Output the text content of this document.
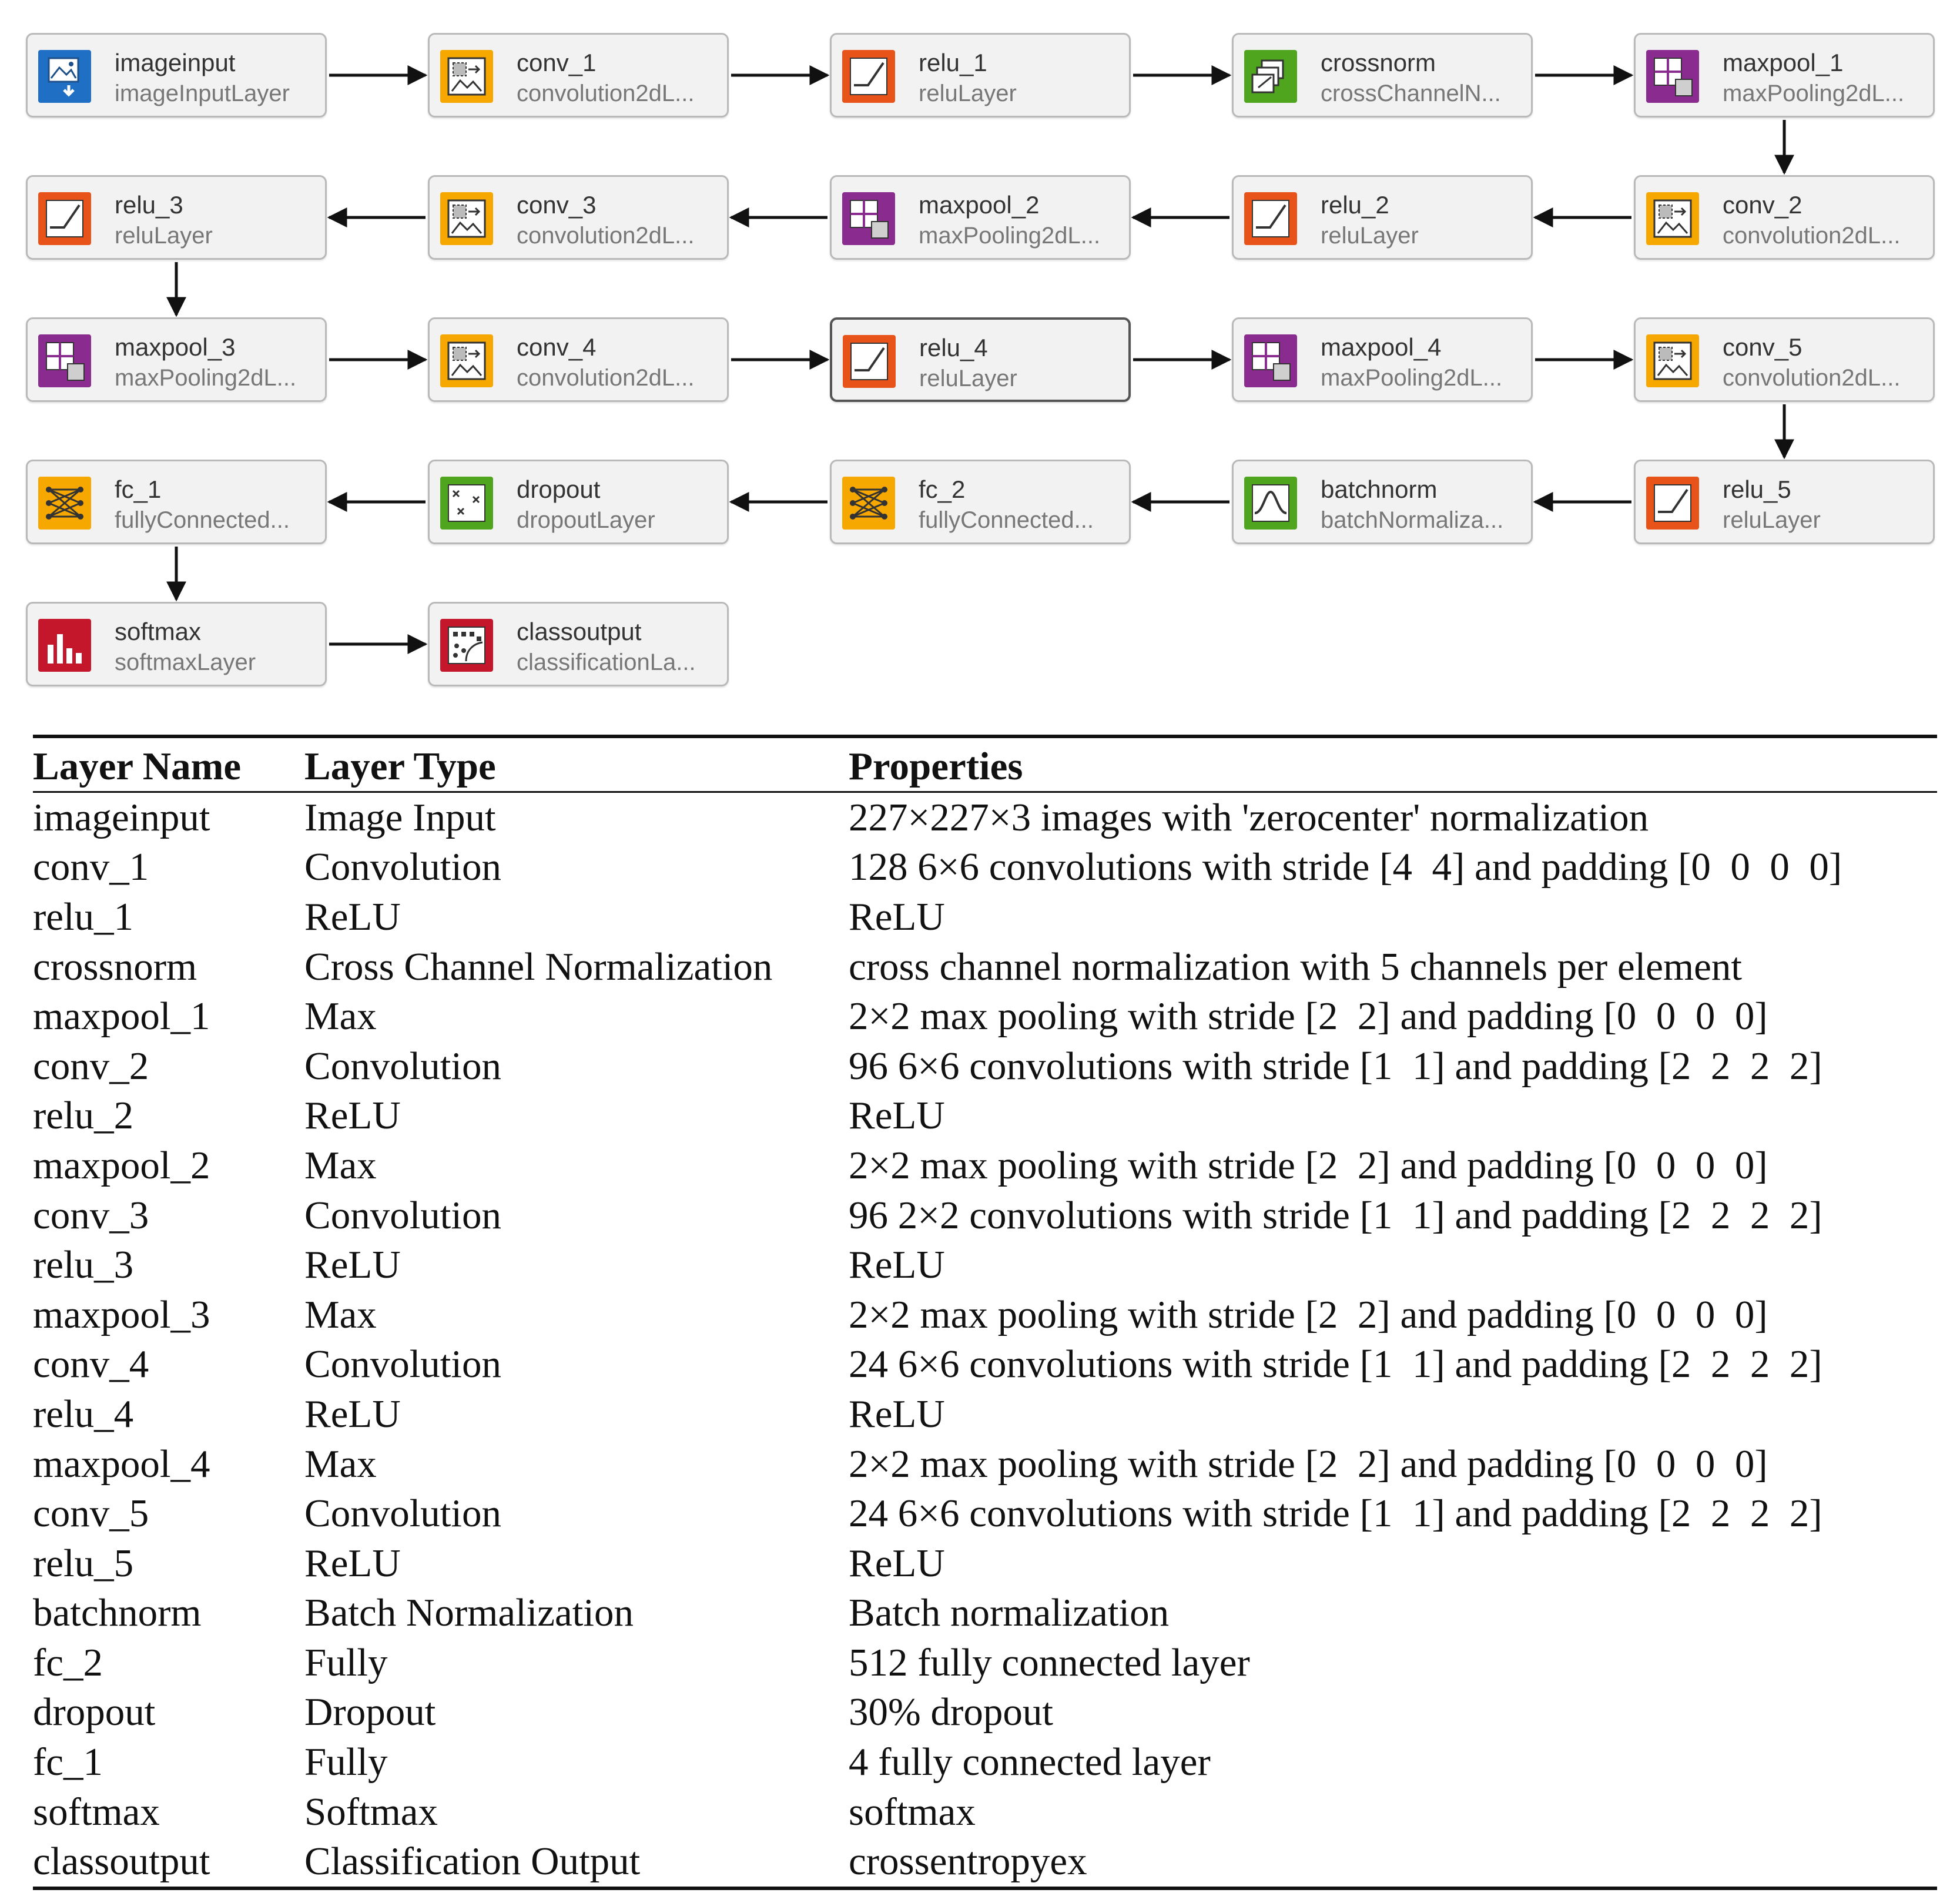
imageinput
imageInputLayer
conv_1
convolution2dL...
relu_1
reluLayer
crossnorm
crossChannelN...
maxpool_1
maxPooling2dL...
conv_2
convolution2dL...
relu_2
reluLayer
maxpool_2
maxPooling2dL...
conv_3
convolution2dL...
relu_3
reluLayer
maxpool_3
maxPooling2dL...
conv_4
convolution2dL...
relu_4
reluLayer
maxpool_4
maxPooling2dL...
conv_5
convolution2dL...
relu_5
reluLayer
batchnorm
batchNormaliza...
fc_2
fullyConnected...
dropout
dropoutLayer
fc_1
fullyConnected...
softmax
softmaxLayer
classoutput
classificationLa...
Layer Name	Layer Type	Properties
imageinput	Image Input	227×227×3 images with 'zerocenter' normalization
conv_1	Convolution	128 6×6 convolutions with stride [4  4] and padding [0  0  0  0]
relu_1	ReLU	ReLU
crossnorm	Cross Channel Normalization	cross channel normalization with 5 channels per element
maxpool_1	Max	2×2 max pooling with stride [2  2] and padding [0  0  0  0]
conv_2	Convolution	96 6×6 convolutions with stride [1  1] and padding [2  2  2  2]
relu_2	ReLU	ReLU
maxpool_2	Max	2×2 max pooling with stride [2  2] and padding [0  0  0  0]
conv_3	Convolution	96 2×2 convolutions with stride [1  1] and padding [2  2  2  2]
relu_3	ReLU	ReLU
maxpool_3	Max	2×2 max pooling with stride [2  2] and padding [0  0  0  0]
conv_4	Convolution	24 6×6 convolutions with stride [1  1] and padding [2  2  2  2]
relu_4	ReLU	ReLU
maxpool_4	Max	2×2 max pooling with stride [2  2] and padding [0  0  0  0]
conv_5	Convolution	24 6×6 convolutions with stride [1  1] and padding [2  2  2  2]
relu_5	ReLU	ReLU
batchnorm	Batch Normalization	Batch normalization
fc_2	Fully	512 fully connected layer
dropout	Dropout	30% dropout
fc_1	Fully	4 fully connected layer
softmax	Softmax	softmax
classoutput	Classification Output	crossentropyex
